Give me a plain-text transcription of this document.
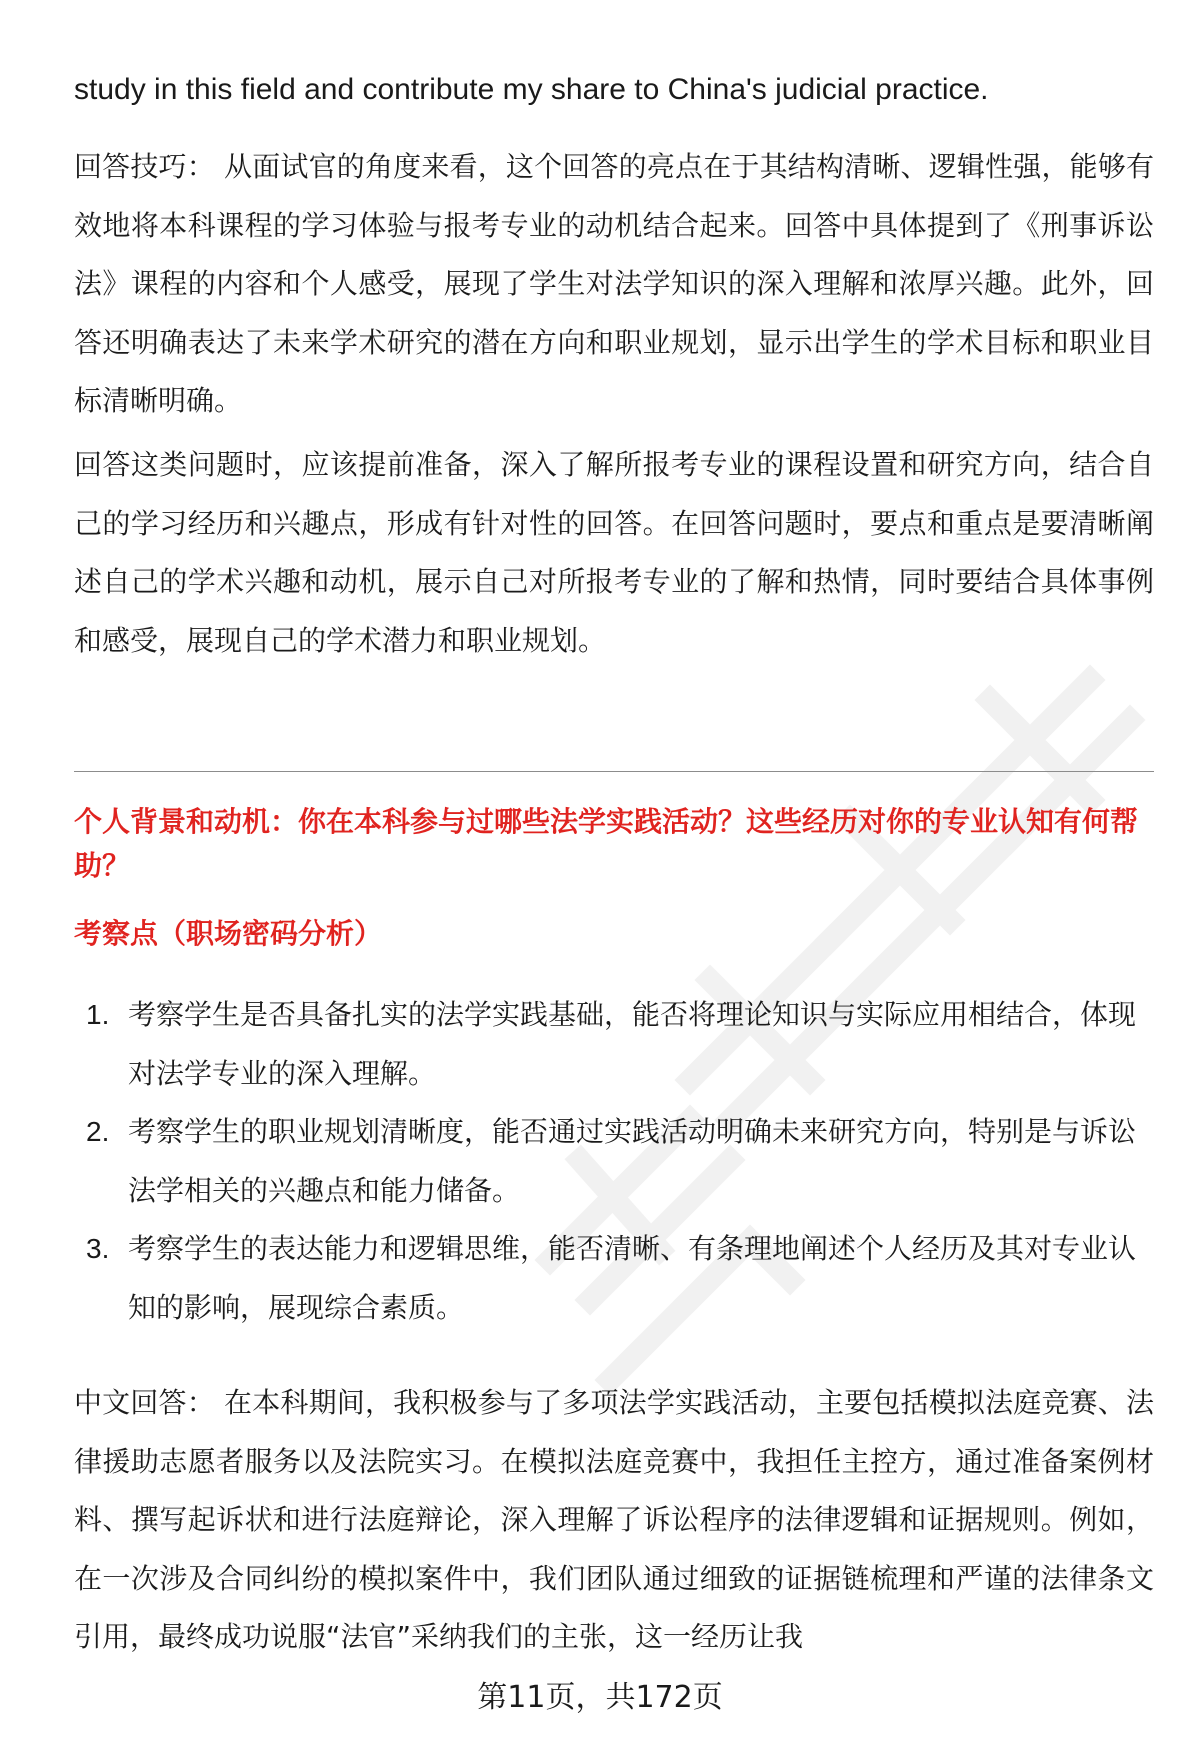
study in this field and contribute my share to China's judicial practice.

回答技巧： 从面试官的角度来看，这个回答的亮点在于其结构清晰、逻辑性强，能够有效地将本科课程的学习体验与报考专业的动机结合起来。回答中具体提到了《刑事诉讼法》课程的内容和个人感受，展现了学生对法学知识的深入理解和浓厚兴趣。此外，回答还明确表达了未来学术研究的潜在方向和职业规划，显示出学生的学术目标和职业目标清晰明确。

回答这类问题时，应该提前准备，深入了解所报考专业的课程设置和研究方向，结合自己的学习经历和兴趣点，形成有针对性的回答。在回答问题时，要点和重点是要清晰阐述自己的学术兴趣和动机，展示自己对所报考专业的了解和热情，同时要结合具体事例和感受，展现自己的学术潜力和职业规划。

个人背景和动机：你在本科参与过哪些法学实践活动？这些经历对你的专业认知有何帮助？

考察点（职场密码分析）

1. 考察学生是否具备扎实的法学实践基础，能否将理论知识与实际应用相结合，体现对法学专业的深入理解。
2. 考察学生的职业规划清晰度，能否通过实践活动明确未来研究方向，特别是与诉讼法学相关的兴趣点和能力储备。
3. 考察学生的表达能力和逻辑思维，能否清晰、有条理地阐述个人经历及其对专业认知的影响，展现综合素质。

中文回答： 在本科期间，我积极参与了多项法学实践活动，主要包括模拟法庭竞赛、法律援助志愿者服务以及法院实习。在模拟法庭竞赛中，我担任主控方，通过准备案例材料、撰写起诉状和进行法庭辩论，深入理解了诉讼程序的法律逻辑和证据规则。例如，在一次涉及合同纠纷的模拟案件中，我们团队通过细致的证据链梳理和严谨的法律条文引用，最终成功说服“法官”采纳我们的主张，这一经历让我

第11页，共172页
